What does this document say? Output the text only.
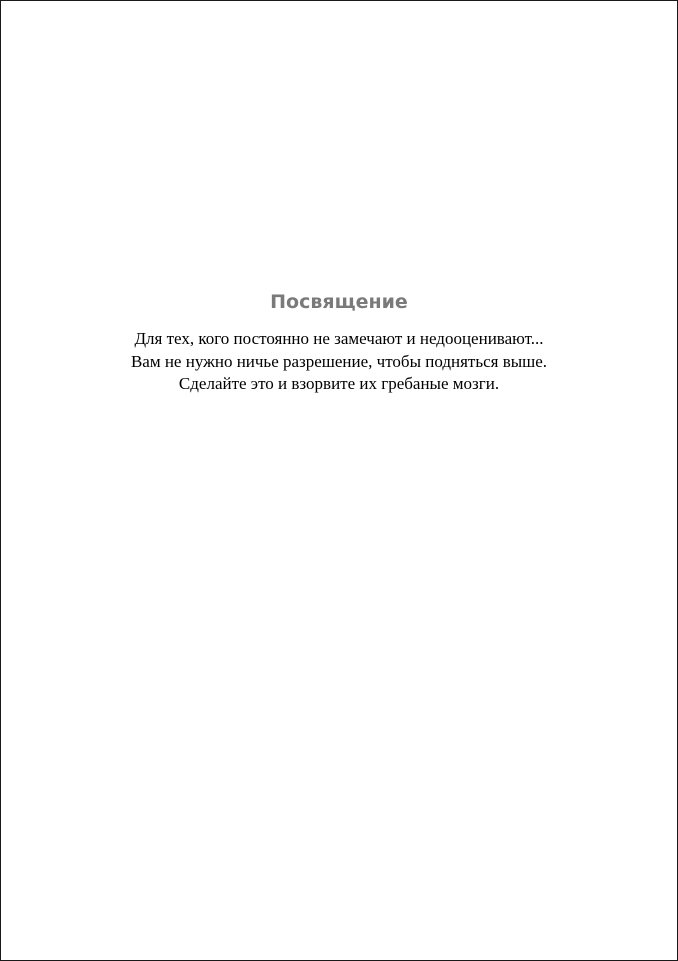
Посвящение
Для тех, кого постоянно не замечают и недооценивают...
Вам не нужно ничье разрешение, чтобы подняться выше.
Сделайте это и взорвите их гребаные мозги.
